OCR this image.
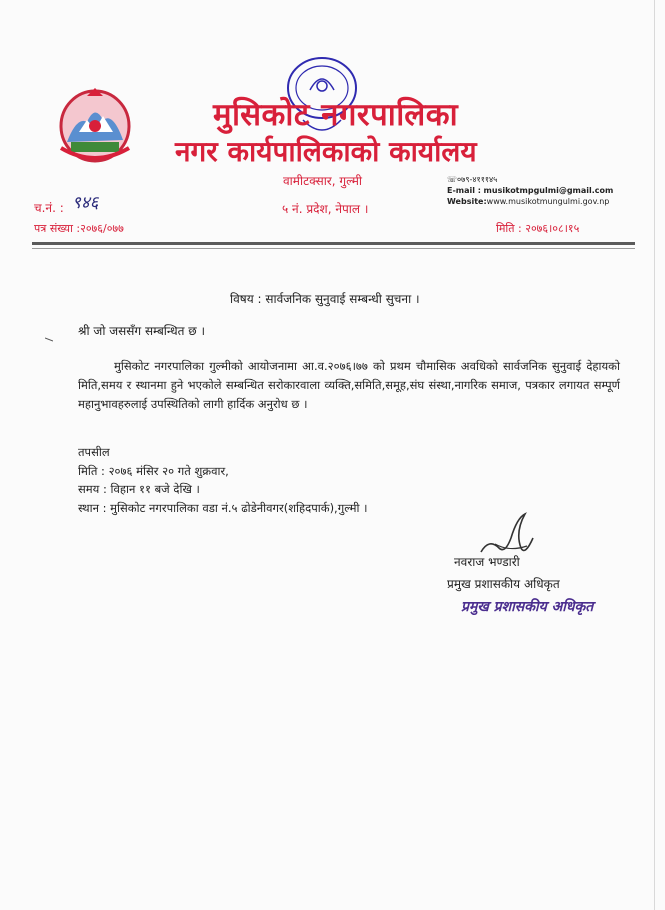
मुसिकोट नगरपालिका
नगर कार्यपालिकाको कार्यालय
वामीटक्सार, गुल्मी
५ नं. प्रदेश, नेपाल ।
☏०७९-४१११४५
E-mail : musikotmpgulmi@gmail.com
Website:www.musikotmungulmi.gov.np
च.नं. : ९४६
पत्र संख्या :२०७६/०७७	मिति : २०७६।०८।१५
विषय : सार्वजनिक सुनुवाई सम्बन्धी सुचना ।
श्री जो जससँग सम्बन्धित छ ।
मुसिकोट नगरपालिका गुल्मीको आयोजनामा आ.व.२०७६।७७ को प्रथम चौमासिक अवधिको सार्वजनिक सुनुवाई देहायको मिति,समय र स्थानमा हुने भएकोले सम्बन्धित सरोकारवाला व्यक्ति,समिति,समूह,संघ संस्था,नागरिक समाज, पत्रकार लगायत सम्पूर्ण महानुभावहरुलाई उपस्थितिको लागी हार्दिक अनुरोध छ ।
तपसील
मिति : २०७६ मंसिर २० गते शुक्रवार,
समय : विहान ११ बजे देखि ।
स्थान : मुसिकोट नगरपालिका वडा नं.५ ढोडेनीवगर(शहिदपार्क),गुल्मी ।
नवराज भण्डारी
प्रमुख प्रशासकीय अधिकृत
प्रमुख प्रशासकीय अधिकृत
